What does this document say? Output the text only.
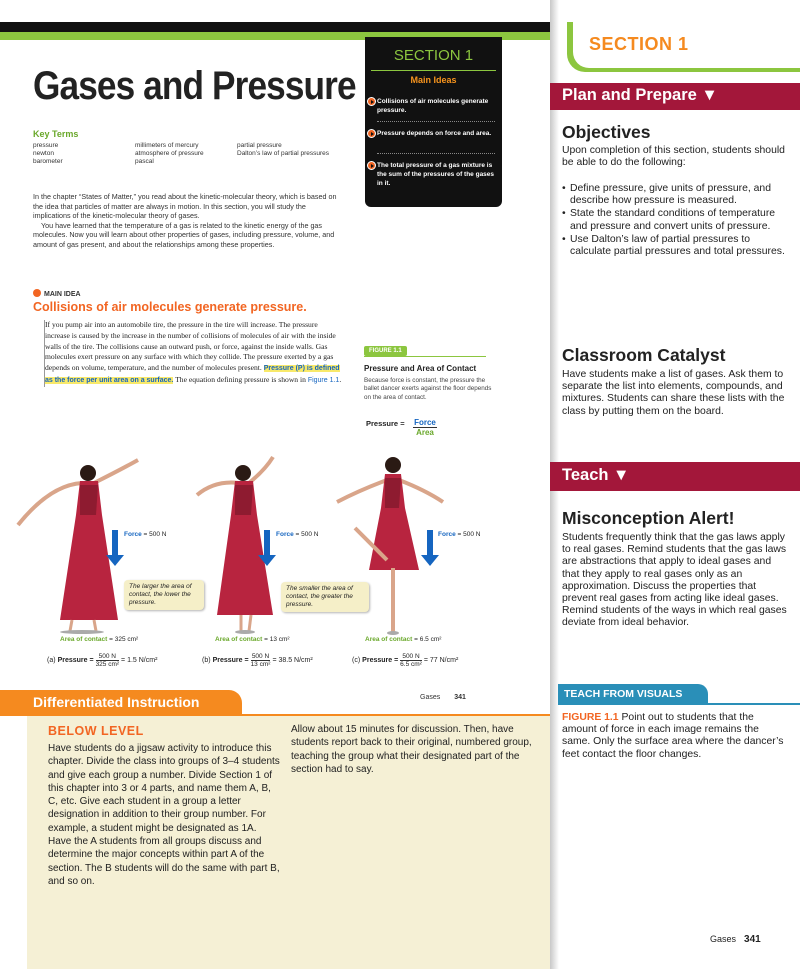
Gases and Pressure
Key Terms
pressure	millimeters of mercury	partial pressure
newton	atmosphere of pressure	Dalton’s law of partial pressures
barometer	pascal

In the chapter “States of Matter,” you read about the kinetic-molecular theory, which is based on the idea that particles of matter are always in motion. In this section, you will study the implications of the kinetic-molecular theory of gases.

You have learned that the temperature of a gas is related to the kinetic energy of the gas molecules. Now you will learn about other properties of gases, including pressure, volume, and amount of gas present, and about the relationships among these properties.

SECTION 1
Main Ideas
Collisions of air molecules generate pressure.
Pressure depends on force and area.
The total pressure of a gas mixture is the sum of the pressures of the gases in it.
MAIN IDEA
Collisions of air molecules generate pressure.
If you pump air into an automobile tire, the pressure in the tire will increase. The pressure increase is caused by the increase in the number of collisions of molecules of air with the inside walls of the tire. The collisions cause an outward push, or force, against the inside walls. Gas molecules exert pressure on any surface with which they collide. The pressure exerted by a gas depends on volume, temperature, and the number of molecules present. Pressure (P) is defined as the force per unit area on a surface. The equation defining pressure is shown in Figure 1.1.
FIGURE 1.1
Pressure and Area of Contact
Because force is constant, the pressure the ballet dancer exerts against the floor depends on the area of contact.
Pressure = Force
Area
Force = 500 N	Force = 500 N	Force = 500 N
The larger the area of contact, the lower the pressure.
The smaller the area of contact, the greater the pressure.
Area of contact = 325 cm²	Area of contact = 13 cm²	Area of contact = 6.5 cm²
(a) Pressure = $\frac{500 N}{\text{325 cm²}} = 1.5$ N/cm²	(b) Pressure = $\frac{500 N}{\text{13 cm²}} = 38.5$ N/cm²	(c) Pressure = $\frac{500 N}{\text{6.5 cm²}} = 77$ N/cm²
Gases 341
Differentiated Instruction
BELOW LEVEL
Have students do a jigsaw activity to introduce this chapter. Divide the class into groups of 3–4 students and give each group a number. Divide Section 1 of this chapter into 3 or 4 parts, and name them A, B, C, etc. Give each student in a group a letter designation in addition to their group number. For example, a student might be designated as 1A. Have the A students from all groups discuss and determine the major concepts within part A of the section. The B students will do the same with part B, and so on.
Allow about 15 minutes for discussion. Then, have students report back to their original, numbered group, teaching the group what their designated part of the section had to say.
SECTION 1
Plan and Prepare ▼
Objectives
Upon completion of this section, students should be able to do the following:
• Define pressure, give units of pressure, and describe how pressure is measured.
• State the standard conditions of temperature and pressure and convert units of pressure.
• Use Dalton’s law of partial pressures to calculate partial pressures and total pressures.
Classroom Catalyst
Have students make a list of gases. Ask them to separate the list into elements, compounds, and mixtures. Students can share these lists with the class by putting them on the board.
Teach ▼
Misconception Alert!
Students frequently think that the gas laws apply to real gases. Remind students that the gas laws are abstractions that apply to ideal gases and that they apply to real gases only as an approximation. Discuss the properties that prevent real gases from acting like ideal gases. Remind students of the ways in which real gases deviate from ideal behavior.
TEACH FROM VISUALS
FIGURE 1.1 Point out to students that the amount of force in each image remains the same. Only the surface area where the dancer’s feet contact the floor changes.
Gases 341
